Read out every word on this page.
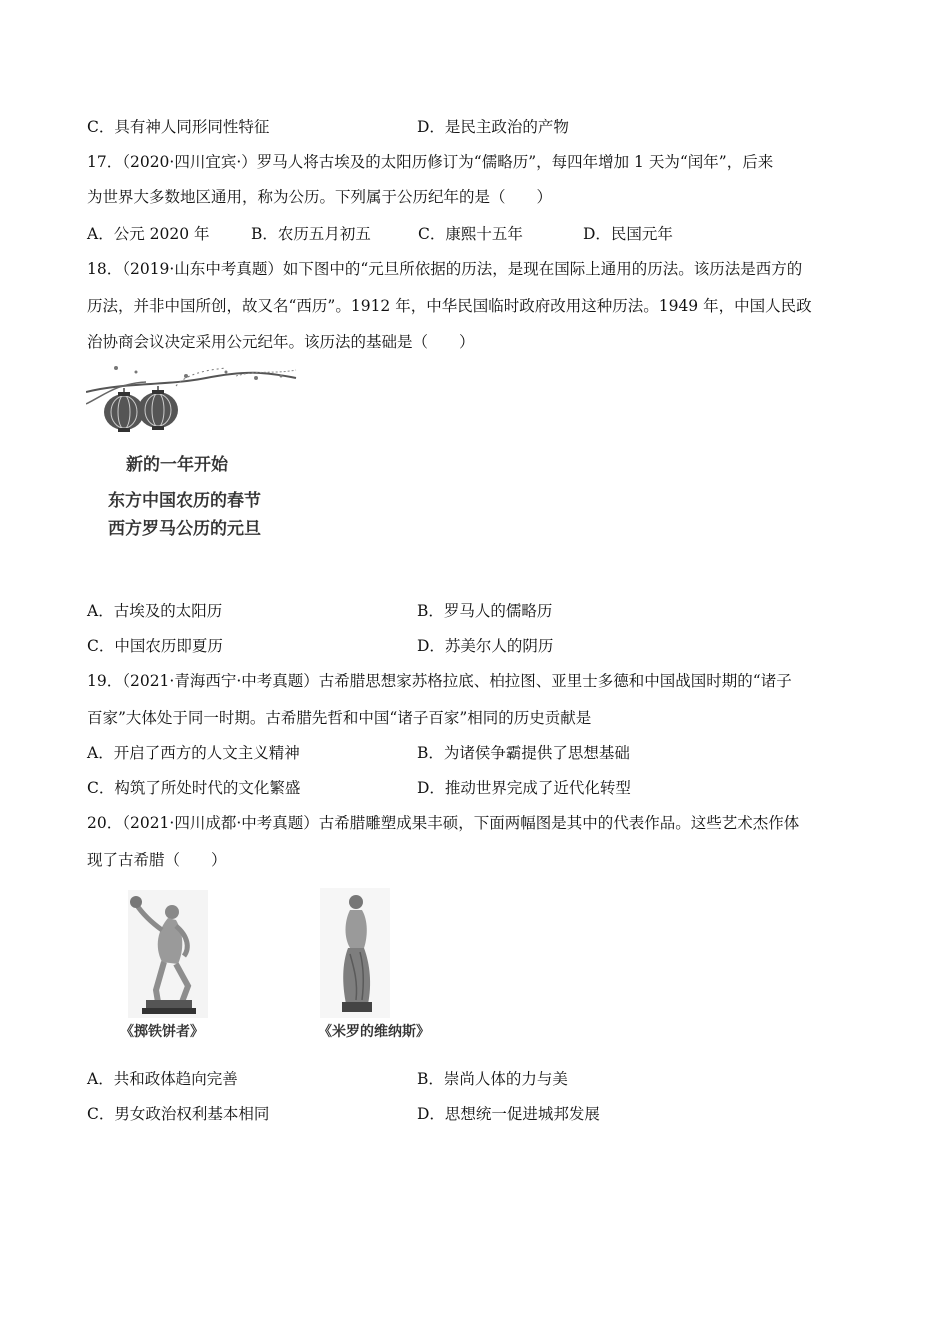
C．具有神人同形同性特征	D．是民主政治的产物
17．（2020·四川宜宾·）罗马人将古埃及的太阳历修订为“儒略历”，每四年增加 1 天为“闰年”，后来
为世界大多数地区通用，称为公历。下列属于公历纪年的是（　　）
A．公元 2020 年	B．农历五月初五	C．康熙十五年	D．民国元年
18．（2019·山东中考真题）如下图中的“元旦所依据的历法，是现在国际上通用的历法。该历法是西方的
历法，并非中国所创，故又名“西历”。1912 年，中华民国临时政府改用这种历法。1949 年，中国人民政
治协商会议决定采用公元纪年。该历法的基础是（　　）
新的一年开始
东方中国农历的春节
西方罗马公历的元旦
A．古埃及的太阳历	B．罗马人的儒略历
C．中国农历即夏历	D．苏美尔人的阴历
19．（2021·青海西宁·中考真题）古希腊思想家苏格拉底、柏拉图、亚里士多德和中国战国时期的“诸子
百家”大体处于同一时期。古希腊先哲和中国“诸子百家”相同的历史贡献是
A．开启了西方的人文主义精神	B．为诸侯争霸提供了思想基础
C．构筑了所处时代的文化繁盛	D．推动世界完成了近代化转型
20．（2021·四川成都·中考真题）古希腊雕塑成果丰硕，下面两幅图是其中的代表作品。这些艺术杰作体
现了古希腊（　　）
《掷铁饼者》	《米罗的维纳斯》
A．共和政体趋向完善	B．崇尚人体的力与美
C．男女政治权利基本相同	D．思想统一促进城邦发展
